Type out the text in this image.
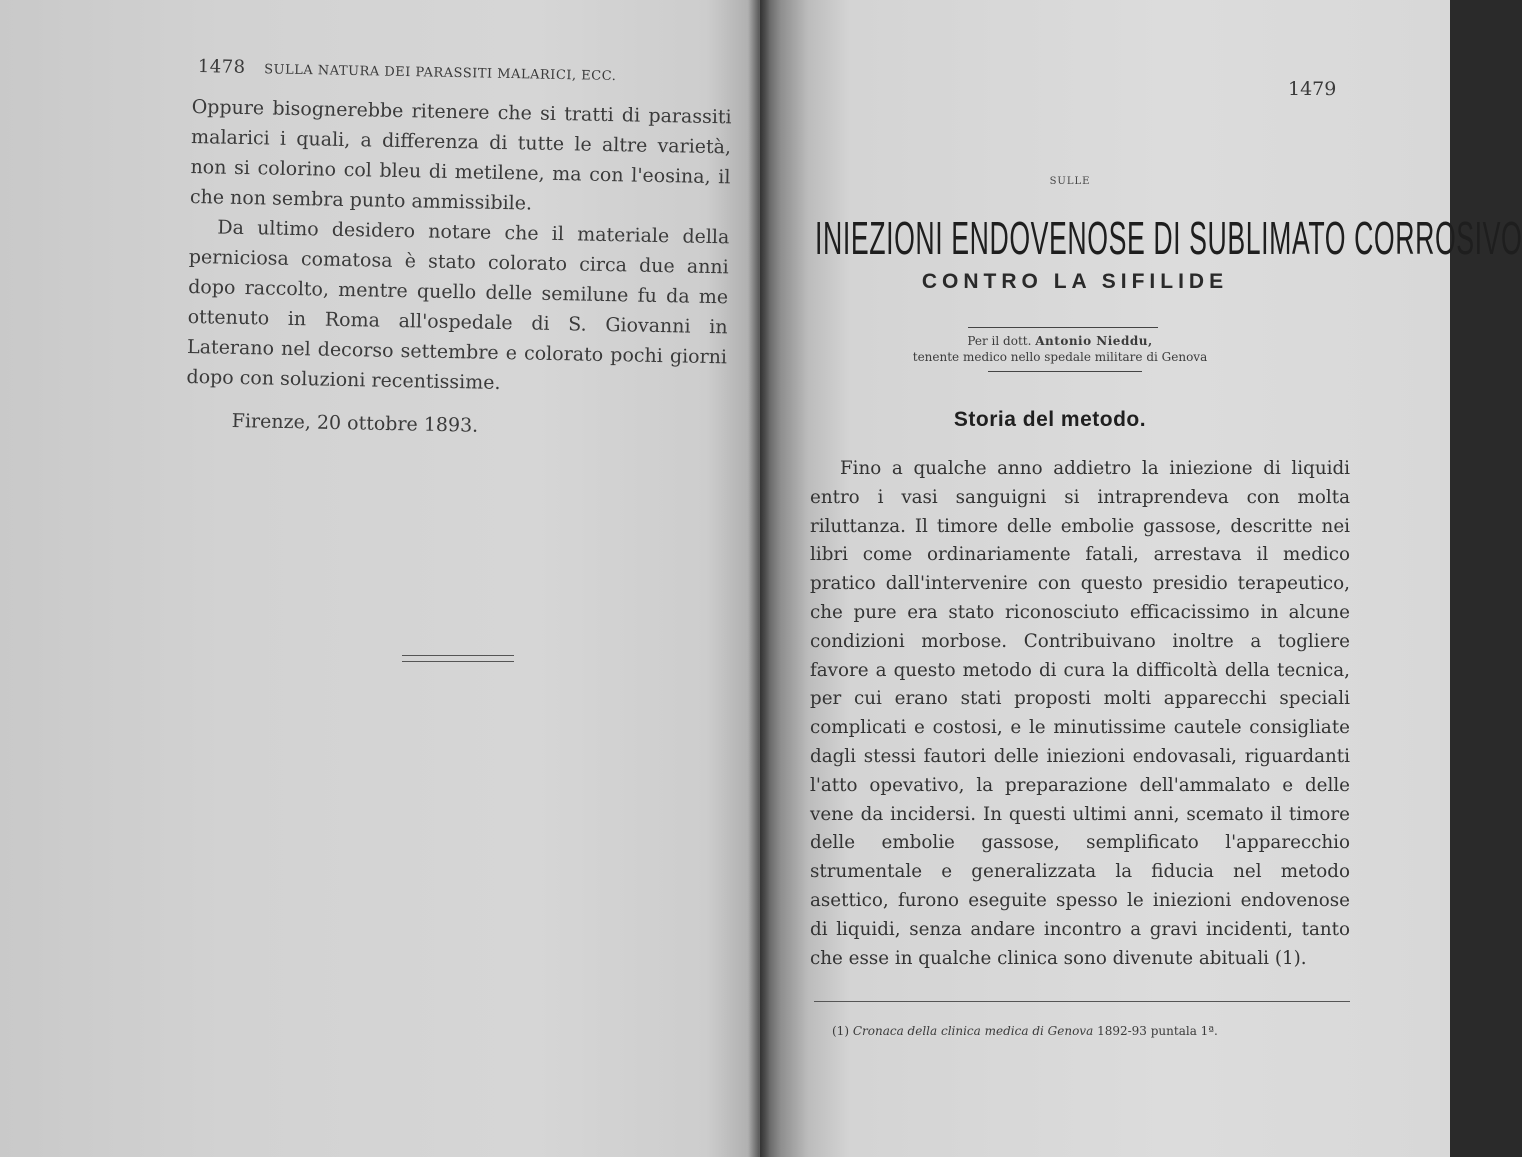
1478 SULLA NATURA DEI PARASSITI MALARICI, ECC.

Oppure bisognerebbe ritenere che si tratti di parassiti malarici i quali, a differenza di tutte le altre varietà, non si colorino col bleu di metilene, ma con l'eosina, il che non sembra punto ammissibile.

Da ultimo desidero notare che il materiale della perniciosa comatosa è stato colorato circa due anni dopo raccolto, mentre quello delle semilune fu da me ottenuto in Roma all'ospedale di S. Giovanni in Laterano nel decorso settembre e colorato pochi giorni dopo con soluzioni recentissime.

Firenze, 20 ottobre 1893.
1479
SULLE
INIEZIONI ENDOVENOSE DI SUBLIMATO CORROSIVO
CONTRO LA SIFILIDE
Per il dott. Antonio Nieddu,
tenente medico nello spedale militare di Genova
Storia del metodo.

Fino a qualche anno addietro la iniezione di liquidi entro i vasi sanguigni si intraprendeva con molta riluttanza. Il timore delle embolie gassose, descritte nei libri come ordinariamente fatali, arrestava il medico pratico dall'intervenire con questo presidio terapeutico, che pure era stato riconosciuto efficacissimo in alcune condizioni morbose. Contribuivano inoltre a togliere favore a questo metodo di cura la difficoltà della tecnica, per cui erano stati proposti molti apparecchi speciali complicati e costosi, e le minutissime cautele consigliate dagli stessi fautori delle iniezioni endovasali, riguardanti l'atto opevativo, la preparazione dell'ammalato e delle vene da incidersi. In questi ultimi anni, scemato il timore delle embolie gassose, semplificato l'apparecchio strumentale e generalizzata la fiducia nel metodo asettico, furono eseguite spesso le iniezioni endovenose di liquidi, senza andare incontro a gravi incidenti, tanto che esse in qualche clinica sono divenute abituali (1).

(1) Cronaca della clinica medica di Genova 1892-93 puntala 1ª.
